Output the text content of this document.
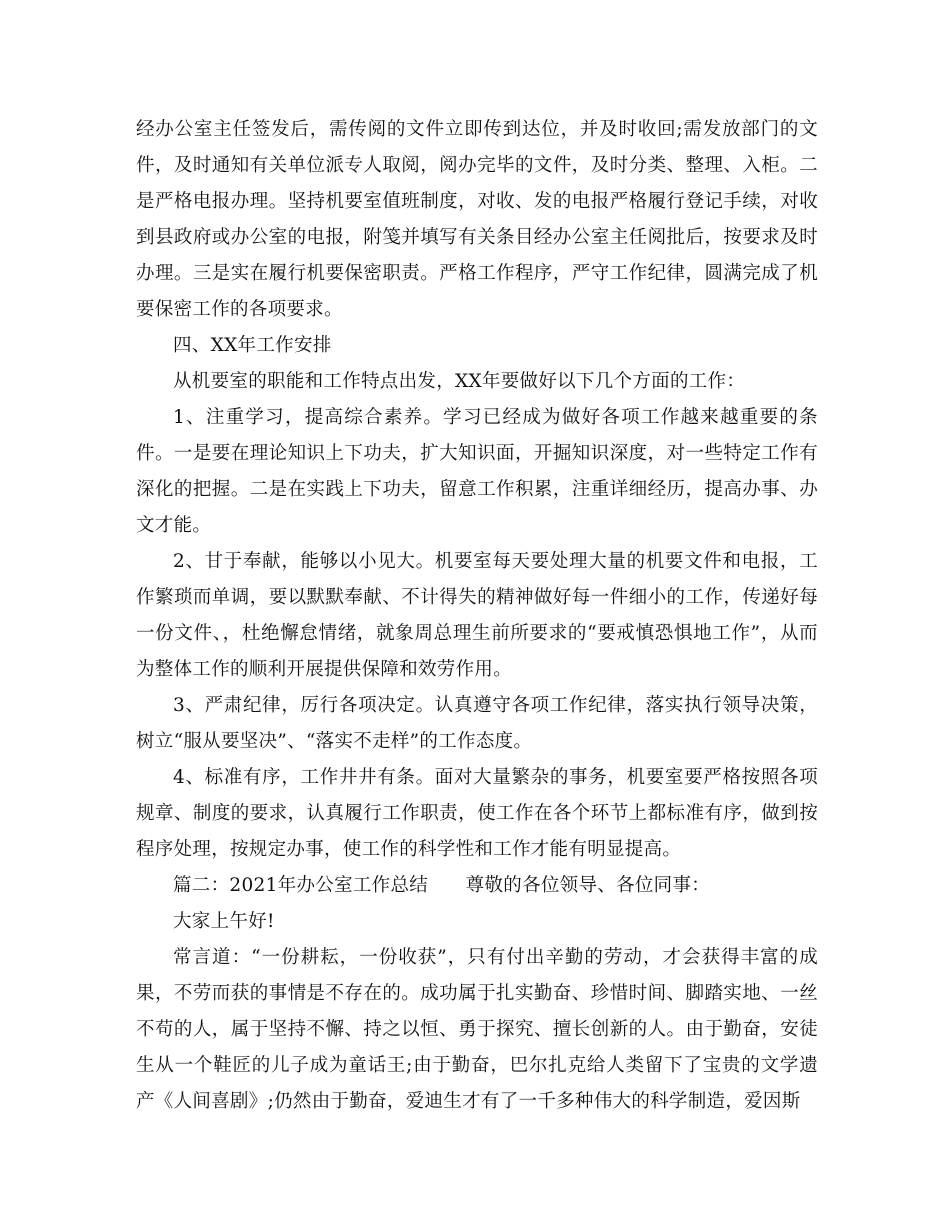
经办公室主任签发后，需传阅的文件立即传到达位，并及时收回;需发放部门的文件，及时通知有关单位派专人取阅，阅办完毕的文件，及时分类、整理、入柜。二是严格电报办理。坚持机要室值班制度，对收、发的电报严格履行登记手续，对收到县政府或办公室的电报，附笺并填写有关条目经办公室主任阅批后，按要求及时办理。三是实在履行机要保密职责。严格工作程序，严守工作纪律，圆满完成了机要保密工作的各项要求。

四、XX年工作安排

从机要室的职能和工作特点出发，XX年要做好以下几个方面的工作：

1、注重学习，提高综合素养。学习已经成为做好各项工作越来越重要的条件。一是要在理论知识上下功夫，扩大知识面，开掘知识深度，对一些特定工作有深化的把握。二是在实践上下功夫，留意工作积累，注重详细经历，提高办事、办文才能。

2、甘于奉献，能够以小见大。机要室每天要处理大量的机要文件和电报，工作繁琐而单调，要以默默奉献、不计得失的精神做好每一件细小的工作，传递好每一份文件、，杜绝懈怠情绪，就象周总理生前所要求的“要戒慎恐惧地工作”，从而为整体工作的顺利开展提供保障和效劳作用。

3、严肃纪律，厉行各项决定。认真遵守各项工作纪律，落实执行领导决策，树立“服从要坚决”、“落实不走样”的工作态度。

4、标准有序，工作井井有条。面对大量繁杂的事务，机要室要严格按照各项规章、制度的要求，认真履行工作职责，使工作在各个环节上都标准有序，做到按程序处理，按规定办事，使工作的科学性和工作才能有明显提高。

篇二：2021年办公室工作总结　　尊敬的各位领导、各位同事：

大家上午好!

常言道：“一份耕耘，一份收获”，只有付出辛勤的劳动，才会获得丰富的成果，不劳而获的事情是不存在的。成功属于扎实勤奋、珍惜时间、脚踏实地、一丝不苟的人，属于坚持不懈、持之以恒、勇于探究、擅长创新的人。由于勤奋，安徒生从一个鞋匠的儿子成为童话王;由于勤奋，巴尔扎克给人类留下了宝贵的文学遗产《人间喜剧》;仍然由于勤奋，爱迪生才有了一千多种伟大的科学制造，爱因斯
